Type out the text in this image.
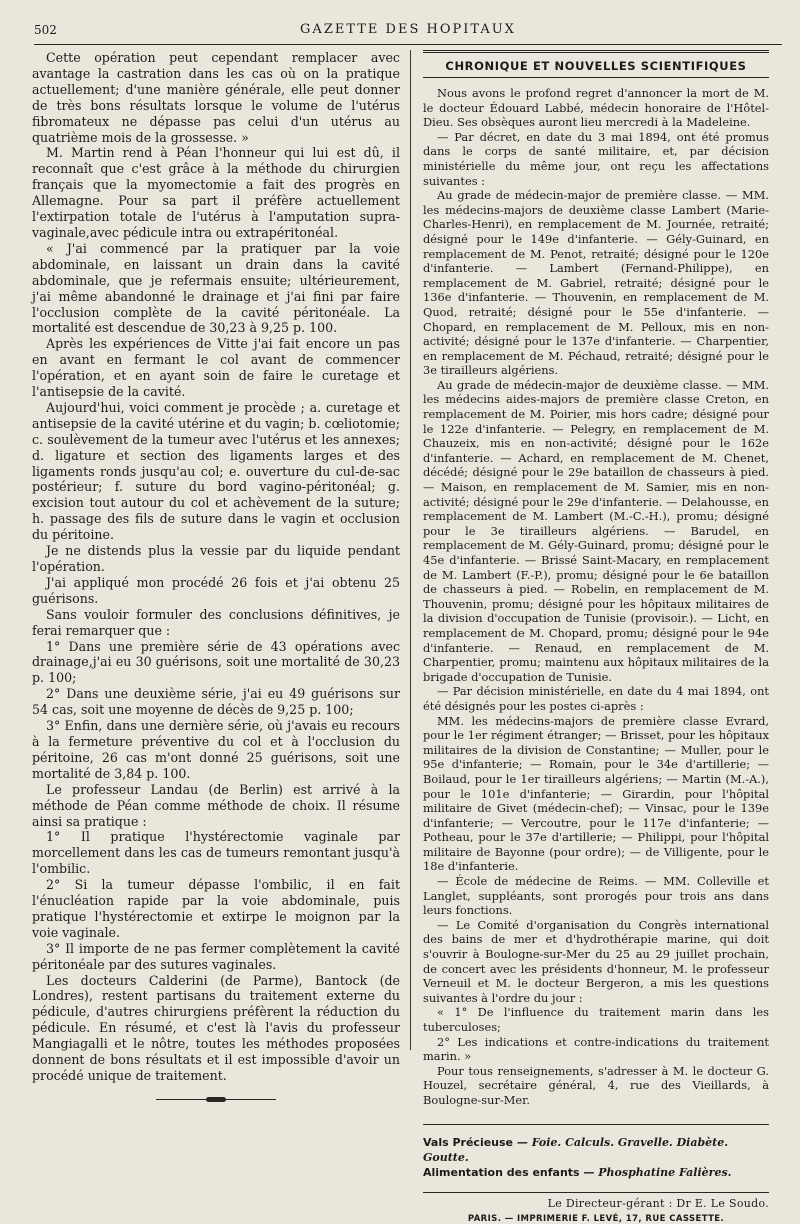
502	GAZETTE DES HOPITAUX

Cette opération peut cependant remplacer avec avantage la castration dans les cas où on la pratique actuellement; d'une manière générale, elle peut donner de très bons résultats lorsque le volume de l'utérus fibromateux ne dépasse pas celui d'un utérus au quatrième mois de la grossesse. »

M. Martin rend à Péan l'honneur qui lui est dû, il reconnaît que c'est grâce à la méthode du chirurgien français que la myomectomie a fait des progrès en Allemagne. Pour sa part il préfère actuellement l'extirpation totale de l'utérus à l'amputation supra-vaginale,avec pédicule intra ou extrapéritonéal.

« J'ai commencé par la pratiquer par la voie abdominale, en laissant un drain dans la cavité abdominale, que je refermais ensuite; ultérieurement, j'ai même abandonné le drainage et j'ai fini par faire l'occlusion complète de la cavité péritonéale. La mortalité est descendue de 30,23 à 9,25 p. 100.

Après les expériences de Vitte j'ai fait encore un pas en avant en fermant le col avant de commencer l'opération, et en ayant soin de faire le curetage et l'antisepsie de la cavité.

Aujourd'hui, voici comment je procède ; a. curetage et antisepsie de la cavité utérine et du vagin; b. cœliotomie; c. soulèvement de la tumeur avec l'utérus et les annexes; d. ligature et section des ligaments larges et des ligaments ronds jusqu'au col; e. ouverture du cul-de-sac postérieur; f. suture du bord vagino-péritonéal; g. excision tout autour du col et achèvement de la suture; h. passage des fils de suture dans le vagin et occlusion du péritoine.

Je ne distends plus la vessie par du liquide pendant l'opération.

J'ai appliqué mon procédé 26 fois et j'ai obtenu 25 guérisons.

Sans vouloir formuler des conclusions définitives, je ferai remarquer que :

1° Dans une première série de 43 opérations avec drainage,j'ai eu 30 guérisons, soit une mortalité de 30,23 p. 100;

2° Dans une deuxième série, j'ai eu 49 guérisons sur 54 cas, soit une moyenne de décès de 9,25 p. 100;

3° Enfin, dans une dernière série, où j'avais eu recours à la fermeture préventive du col et à l'occlusion du péritoine, 26 cas m'ont donné 25 guérisons, soit une mortalité de 3,84 p. 100.

Le professeur Landau (de Berlin) est arrivé à la méthode de Péan comme méthode de choix. Il résume ainsi sa pratique :

1° Il pratique l'hystérectomie vaginale par morcellement dans les cas de tumeurs remontant jusqu'à l'ombilic.

2° Si la tumeur dépasse l'ombilic, il en fait l'énucléation rapide par la voie abdominale, puis pratique l'hystérectomie et extirpe le moignon par la voie vaginale.

3° Il importe de ne pas fermer complètement la cavité péritonéale par des sutures vaginales.

Les docteurs Calderini (de Parme), Bantock (de Londres), restent partisans du traitement externe du pédicule, d'autres chirurgiens préfèrent la réduction du pédicule. En résumé, et c'est là l'avis du professeur Mangiagalli et le nôtre, toutes les méthodes proposées donnent de bons résultats et il est impossible d'avoir un procédé unique de traitement.

CHRONIQUE ET NOUVELLES SCIENTIFIQUES

Nous avons le profond regret d'annoncer la mort de M. le docteur Édouard Labbé, médecin honoraire de l'Hôtel-Dieu. Ses obsèques auront lieu mercredi à la Madeleine.

— Par décret, en date du 3 mai 1894, ont été promus dans le corps de santé militaire, et, par décision ministérielle du même jour, ont reçu les affectations suivantes :

Au grade de médecin-major de première classe. — MM. les médecins-majors de deuxième classe Lambert (Marie-Charles-Henri), en remplacement de M. Journée, retraité; désigné pour le 149e d'infanterie. — Gély-Guinard, en remplacement de M. Penot, retraité; désigné pour le 120e d'infanterie. — Lambert (Fernand-Philippe), en remplacement de M. Gabriel, retraité; désigné pour le 136e d'infanterie. — Thouvenin, en remplacement de M. Quod, retraité; désigné pour le 55e d'infanterie. — Chopard, en remplacement de M. Pelloux, mis en non-activité; désigné pour le 137e d'infanterie. — Charpentier, en remplacement de M. Péchaud, retraité; désigné pour le 3e tirailleurs algériens.

Au grade de médecin-major de deuxième classe. — MM. les médecins aides-majors de première classe Creton, en remplacement de M. Poirier, mis hors cadre; désigné pour le 122e d'infanterie. — Pelegry, en remplacement de M. Chauzeix, mis en non-activité; désigné pour le 162e d'infanterie. — Achard, en remplacement de M. Chenet, décédé; désigné pour le 29e bataillon de chasseurs à pied. — Maison, en remplacement de M. Samier, mis en non-activité; désigné pour le 29e d'infanterie. — Delahousse, en remplacement de M. Lambert (M.-C.-H.), promu; désigné pour le 3e tirailleurs algériens. — Barudel, en remplacement de M. Gély-Guinard, promu; désigné pour le 45e d'infanterie. — Brissé Saint-Macary, en remplacement de M. Lambert (F.-P.), promu; désigné pour le 6e bataillon de chasseurs à pied. — Robelin, en remplacement de M. Thouvenin, promu; désigné pour les hôpitaux militaires de la division d'occupation de Tunisie (provisoir.). — Licht, en remplacement de M. Chopard, promu; désigné pour le 94e d'infanterie. — Renaud, en remplacement de M. Charpentier, promu; maintenu aux hôpitaux militaires de la brigade d'occupation de Tunisie.

— Par décision ministérielle, en date du 4 mai 1894, ont été désignés pour les postes ci-après :

MM. les médecins-majors de première classe Evrard, pour le 1er régiment étranger; — Brisset, pour les hôpitaux militaires de la division de Constantine; — Muller, pour le 95e d'infanterie; — Romain, pour le 34e d'artillerie; — Boilaud, pour le 1er tirailleurs algériens; — Martin (M.-A.), pour le 101e d'infanterie; — Girardin, pour l'hôpital militaire de Givet (médecin-chef); — Vinsac, pour le 139e d'infanterie; — Vercoutre, pour le 117e d'infanterie; — Potheau, pour le 37e d'artillerie; — Philippi, pour l'hôpital militaire de Bayonne (pour ordre); — de Villigente, pour le 18e d'infanterie.

— École de médecine de Reims. — MM. Colleville et Langlet, suppléants, sont prorogés pour trois ans dans leurs fonctions.

— Le Comité d'organisation du Congrès international des bains de mer et d'hydrothérapie marine, qui doit s'ouvrir à Boulogne-sur-Mer du 25 au 29 juillet prochain, de concert avec les présidents d'honneur, M. le professeur Verneuil et M. le docteur Bergeron, a mis les questions suivantes à l'ordre du jour :

« 1° De l'influence du traitement marin dans les tuberculoses;

2° Les indications et contre-indications du traitement marin. »

Pour tous renseignements, s'adresser à M. le docteur G. Houzel, secrétaire général, 4, rue des Vieillards, à Boulogne-sur-Mer.

Vals Précieuse — Foie. Calculs. Gravelle. Diabète. Goutte.
Alimentation des enfants — Phosphatine Falières.
Le Directeur-gérant : Dr E. Le Soudo.
PARIS. — IMPRIMERIE F. LEVÉ, 17, RUE CASSETTE.
